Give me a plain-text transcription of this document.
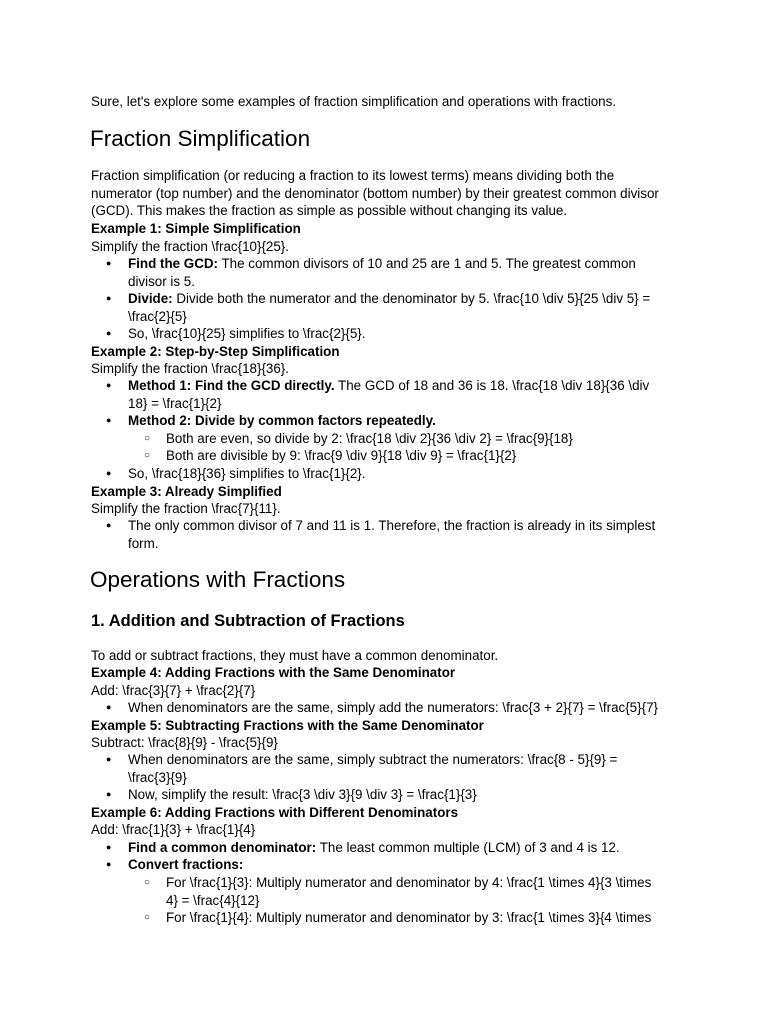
Sure, let's explore some examples of fraction simplification and operations with fractions.
Fraction Simplification
Fraction simplification (or reducing a fraction to its lowest terms) means dividing both the
numerator (top number) and the denominator (bottom number) by their greatest common divisor
(GCD). This makes the fraction as simple as possible without changing its value.
Example 1: Simple Simplification
Simplify the fraction \frac{10}{25}.
● Find the GCD: The common divisors of 10 and 25 are 1 and 5. The greatest common
divisor is 5.
● Divide: Divide both the numerator and the denominator by 5. \frac{10 \div 5}{25 \div 5} =
\frac{2}{5}
● So, \frac{10}{25} simplifies to \frac{2}{5}.
Example 2: Step-by-Step Simplification
Simplify the fraction \frac{18}{36}.
● Method 1: Find the GCD directly. The GCD of 18 and 36 is 18. \frac{18 \div 18}{36 \div
18} = \frac{1}{2}
● Method 2: Divide by common factors repeatedly.
○ Both are even, so divide by 2: \frac{18 \div 2}{36 \div 2} = \frac{9}{18}
○ Both are divisible by 9: \frac{9 \div 9}{18 \div 9} = \frac{1}{2}
● So, \frac{18}{36} simplifies to \frac{1}{2}.
Example 3: Already Simplified
Simplify the fraction \frac{7}{11}.
● The only common divisor of 7 and 11 is 1. Therefore, the fraction is already in its simplest
form.
Operations with Fractions
1. Addition and Subtraction of Fractions
To add or subtract fractions, they must have a common denominator.
Example 4: Adding Fractions with the Same Denominator
Add: \frac{3}{7} + \frac{2}{7}
● When denominators are the same, simply add the numerators: \frac{3 + 2}{7} = \frac{5}{7}
Example 5: Subtracting Fractions with the Same Denominator
Subtract: \frac{8}{9} - \frac{5}{9}
● When denominators are the same, simply subtract the numerators: \frac{8 - 5}{9} =
\frac{3}{9}
● Now, simplify the result: \frac{3 \div 3}{9 \div 3} = \frac{1}{3}
Example 6: Adding Fractions with Different Denominators
Add: \frac{1}{3} + \frac{1}{4}
● Find a common denominator: The least common multiple (LCM) of 3 and 4 is 12.
● Convert fractions:
○ For \frac{1}{3}: Multiply numerator and denominator by 4: \frac{1 \times 4}{3 \times
4} = \frac{4}{12}
○ For \frac{1}{4}: Multiply numerator and denominator by 3: \frac{1 \times 3}{4 \times
